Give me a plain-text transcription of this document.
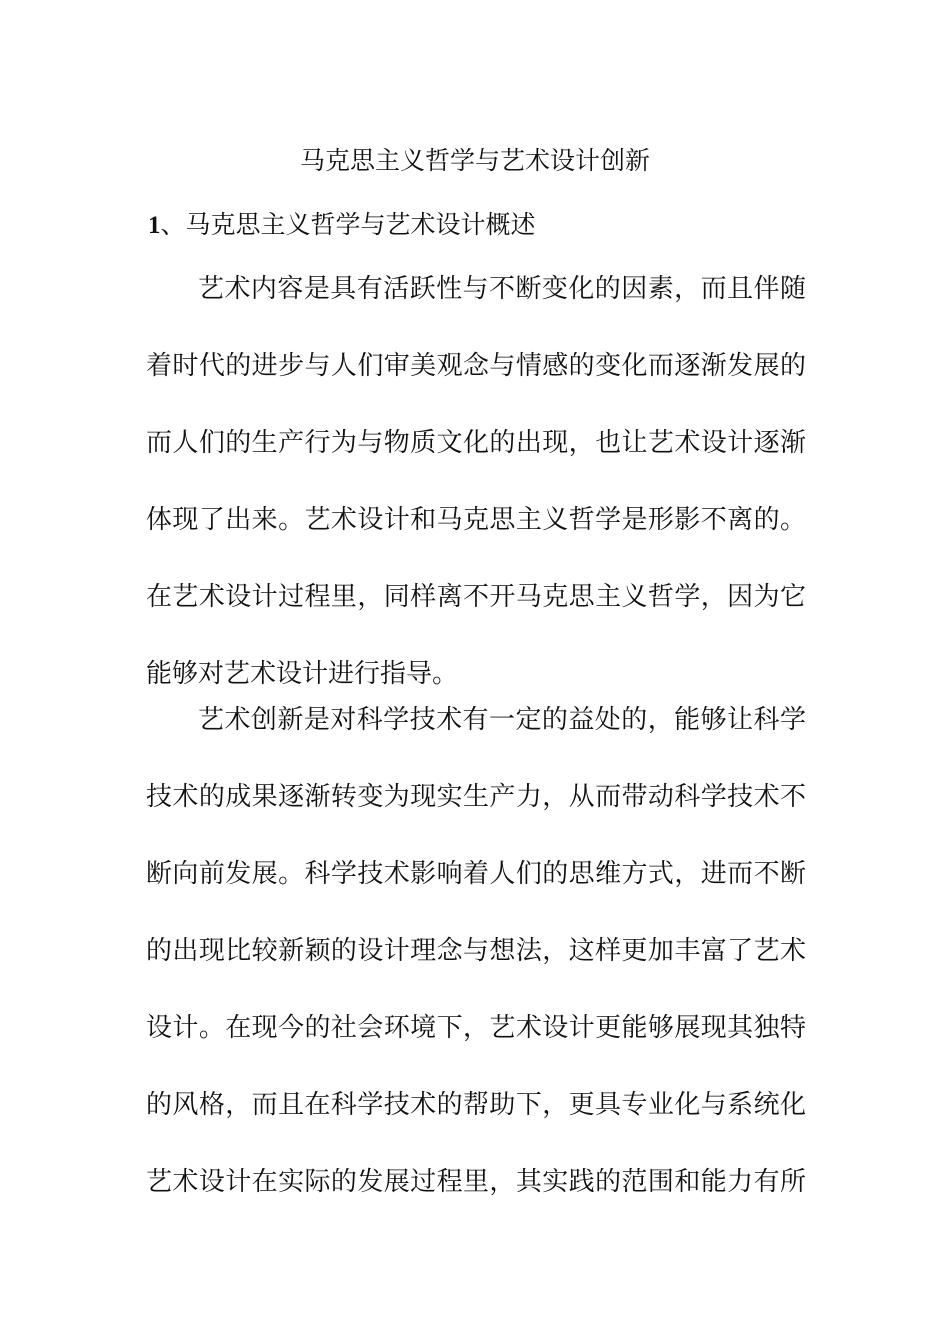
马克思主义哲学与艺术设计创新
1、马克思主义哲学与艺术设计概述
艺术内容是具有活跃性与不断变化的因素，而且伴随
着时代的进步与人们审美观念与情感的变化而逐渐发展的
而人们的生产行为与物质文化的出现，也让艺术设计逐渐
体现了出来。艺术设计和马克思主义哲学是形影不离的。
在艺术设计过程里，同样离不开马克思主义哲学，因为它
能够对艺术设计进行指导。
艺术创新是对科学技术有一定的益处的，能够让科学
技术的成果逐渐转变为现实生产力，从而带动科学技术不
断向前发展。科学技术影响着人们的思维方式，进而不断
的出现比较新颖的设计理念与想法，这样更加丰富了艺术
设计。在现今的社会环境下，艺术设计更能够展现其独特
的风格，而且在科学技术的帮助下，更具专业化与系统化
艺术设计在实际的发展过程里，其实践的范围和能力有所
